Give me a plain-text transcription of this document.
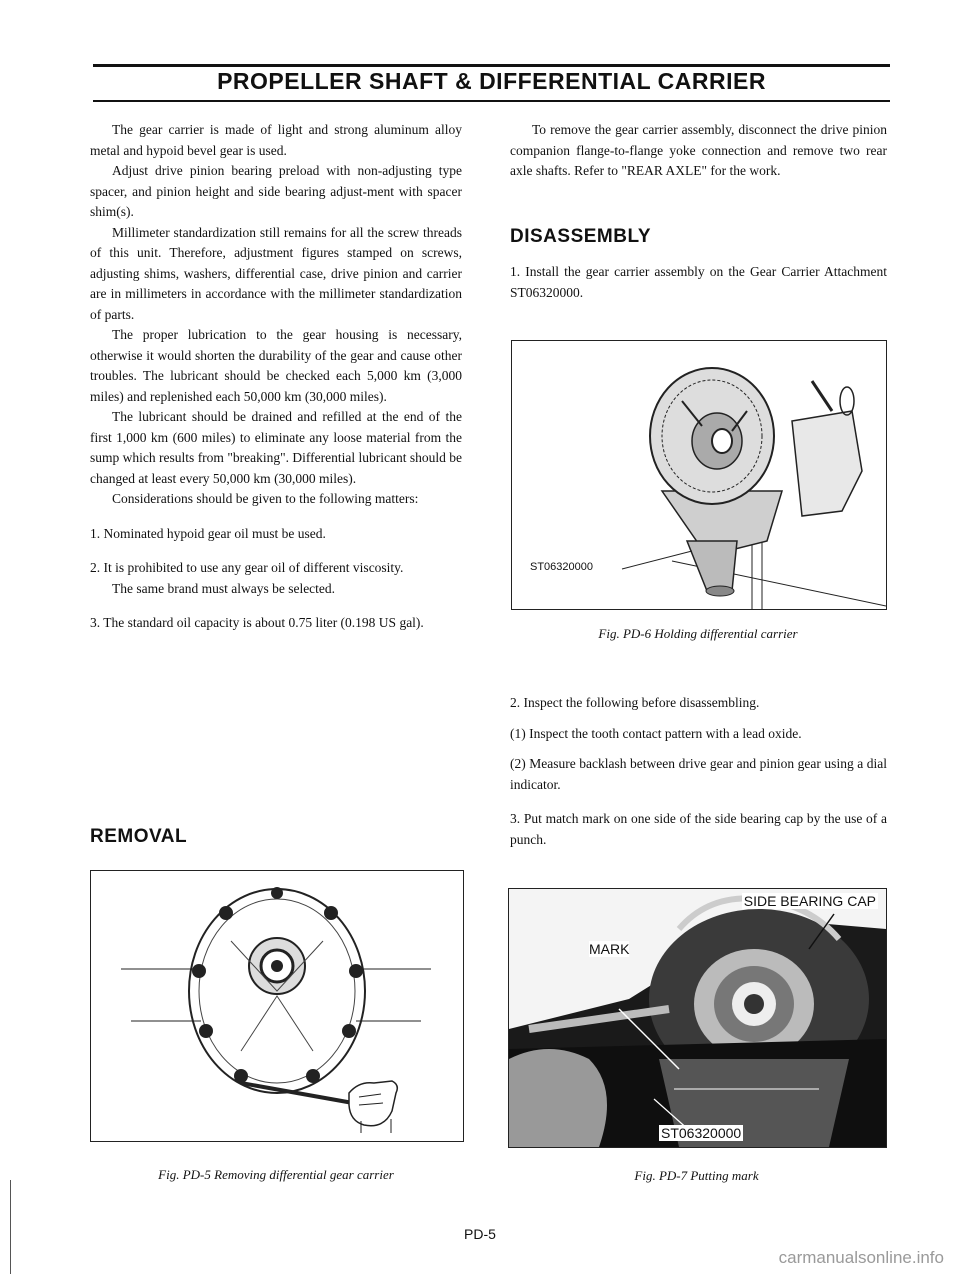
PROPELLER SHAFT & DIFFERENTIAL CARRIER

The gear carrier is made of light and strong aluminum alloy metal and hypoid bevel gear is used.

Adjust drive pinion bearing preload with non-adjusting type spacer, and pinion height and side bearing adjust-ment with spacer shim(s).

Millimeter standardization still remains for all the screw threads of this unit. Therefore, adjustment figures stamped on screws, adjusting shims, washers, differential case, drive pinion and carrier are in millimeters in accordance with the millimeter standardization of parts.

The proper lubrication to the gear housing is necessary, otherwise it would shorten the durability of the gear and cause other troubles. The lubricant should be checked each 5,000 km (3,000 miles) and replenished each 50,000 km (30,000 miles).

The lubricant should be drained and refilled at the end of the first 1,000 km (600 miles) to eliminate any loose material from the sump which results from "breaking". Differential lubricant should be changed at least every 50,000 km (30,000 miles).

Considerations should be given to the following matters:

1. Nominated hypoid gear oil must be used.

2. It is prohibited to use any gear oil of different viscosity.

The same brand must always be selected.

3. The standard oil capacity is about 0.75 liter (0.198 US gal).

REMOVAL
Fig. PD-5 Removing differential gear carrier

To remove the gear carrier assembly, disconnect the drive pinion companion flange-to-flange yoke connection and remove two rear axle shafts. Refer to "REAR AXLE" for the work.

DISASSEMBLY

1. Install the gear carrier assembly on the Gear Carrier Attachment ST06320000.

ST06320000
Fig. PD-6 Holding differential carrier

2. Inspect the following before disassembling.

(1) Inspect the tooth contact pattern with a lead oxide.

(2) Measure backlash between drive gear and pinion gear using a dial indicator.

3. Put match mark on one side of the side bearing cap by the use of a punch.

SIDE BEARING CAP
MARK
ST06320000
Fig. PD-7 Putting mark
PD-5
carmanualsonline.info
